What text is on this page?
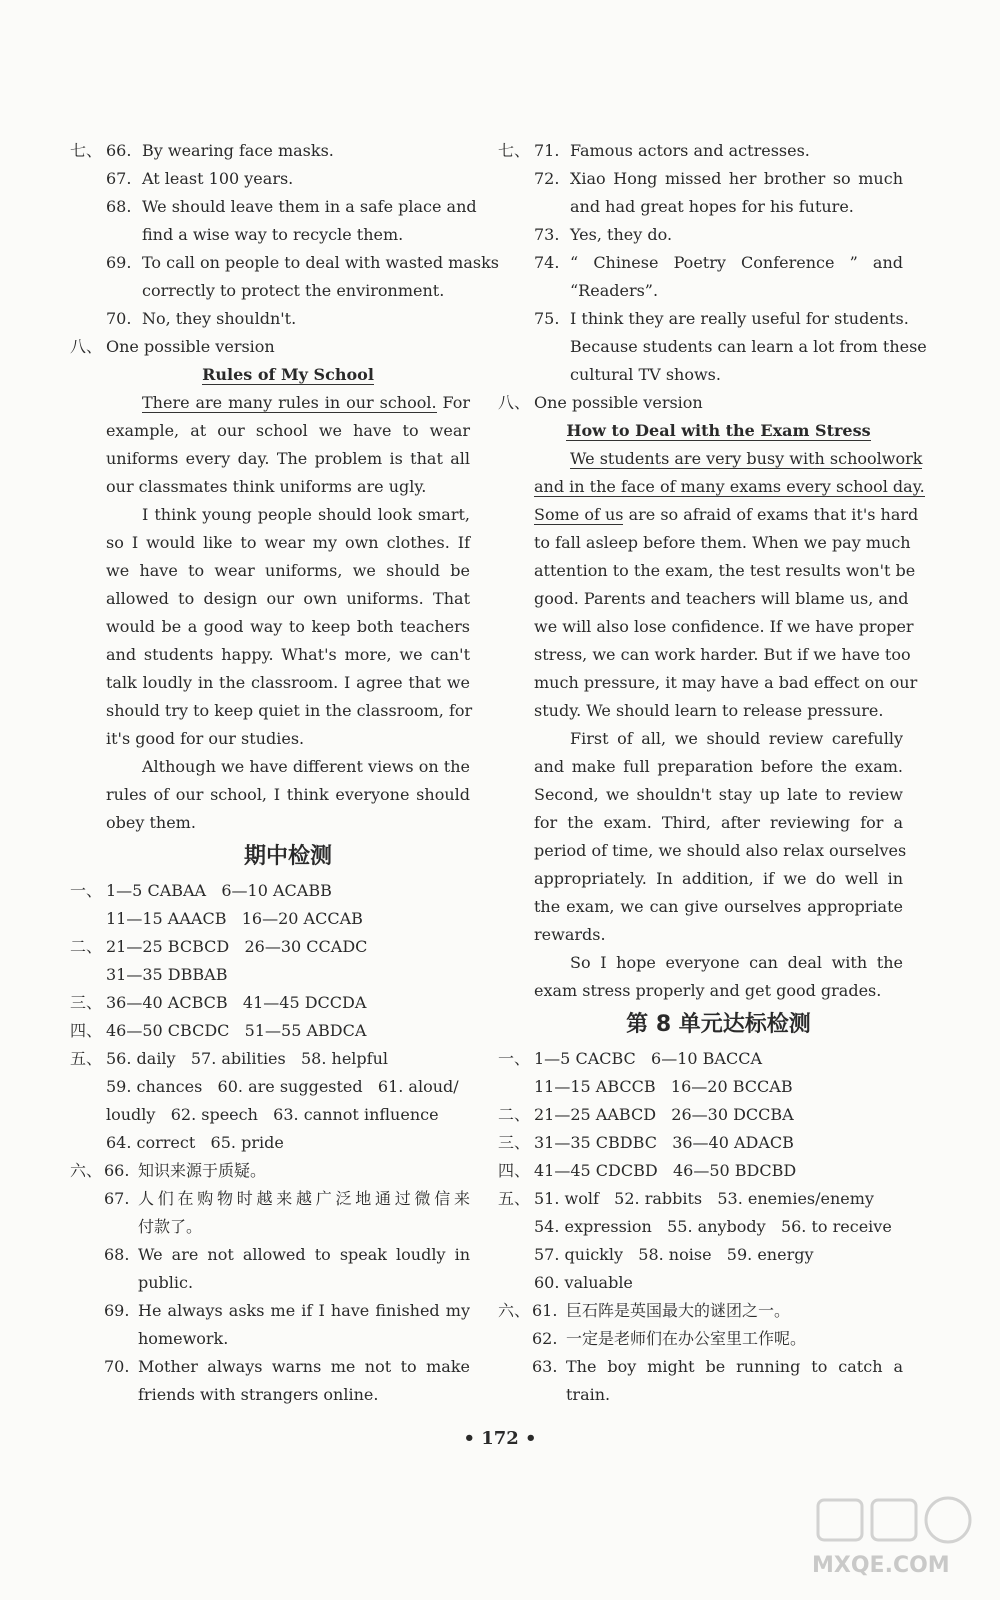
七、 66. By wearing face masks.
67. At least 100 years.
68. We should leave them in a safe place and
find a wise way to recycle them.
69. To call on people to deal with wasted masks
correctly to protect the environment.
70. No, they shouldn't.
八、 One possible version
Rules of My School
There are many rules in our school. For
example, at our school we have to wear
uniforms every day. The problem is that all
our classmates think uniforms are ugly.
I think young people should look smart,
so I would like to wear my own clothes. If
we have to wear uniforms, we should be
allowed to design our own uniforms. That
would be a good way to keep both teachers
and students happy. What's more, we can't
talk loudly in the classroom. I agree that we
should try to keep quiet in the classroom, for
it's good for our studies.
Although we have different views on the
rules of our school, I think everyone should
obey them.
期中检测
一、 1—5 CABAA   6—10 ACABB
11—15 AAACB   16—20 ACCAB
二、 21—25 BCBCD   26—30 CCADC
31—35 DBBAB
三、 36—40 ACBCB   41—45 DCCDA
四、 46—50 CBCDC   51—55 ABDCA
五、 56. daily   57. abilities   58. helpful
59. chances   60. are suggested   61. aloud/
loudly   62. speech   63. cannot influence
64. correct   65. pride
六、 66. 知识来源于质疑。
67. 人们在购物时越来越广泛地通过微信来
付款了。
68. We are not allowed to speak loudly in
public.
69. He always asks me if I have finished my
homework.
70. Mother always warns me not to make
friends with strangers online.
七、 71. Famous actors and actresses.
72. Xiao Hong missed her brother so much
and had great hopes for his future.
73. Yes, they do.
74. “ Chinese Poetry Conference ” and
“Readers”.
75. I think they are really useful for students.
Because students can learn a lot from these
cultural TV shows.
八、 One possible version
How to Deal with the Exam Stress
We students are very busy with schoolwork
and in the face of many exams every school day.
Some of us are so afraid of exams that it's hard
to fall asleep before them. When we pay much
attention to the exam, the test results won't be
good. Parents and teachers will blame us, and
we will also lose confidence. If we have proper
stress, we can work harder. But if we have too
much pressure, it may have a bad effect on our
study. We should learn to release pressure.
First of all, we should review carefully
and make full preparation before the exam.
Second, we shouldn't stay up late to review
for the exam. Third, after reviewing for a
period of time, we should also relax ourselves
appropriately. In addition, if we do well in
the exam, we can give ourselves appropriate
rewards.
So I hope everyone can deal with the
exam stress properly and get good grades.
第 8 单元达标检测
一、 1—5 CACBC   6—10 BACCA
11—15 ABCCB   16—20 BCCAB
二、 21—25 AABCD   26—30 DCCBA
三、 31—35 CBDBC   36—40 ADACB
四、 41—45 CDCBD   46—50 BDCBD
五、 51. wolf   52. rabbits   53. enemies/enemy
54. expression   55. anybody   56. to receive
57. quickly   58. noise   59. energy
60. valuable
六、 61. 巨石阵是英国最大的谜团之一。
62. 一定是老师们在办公室里工作呢。
63. The boy might be running to catch a
train.
• 172 •
MXQE.COM
